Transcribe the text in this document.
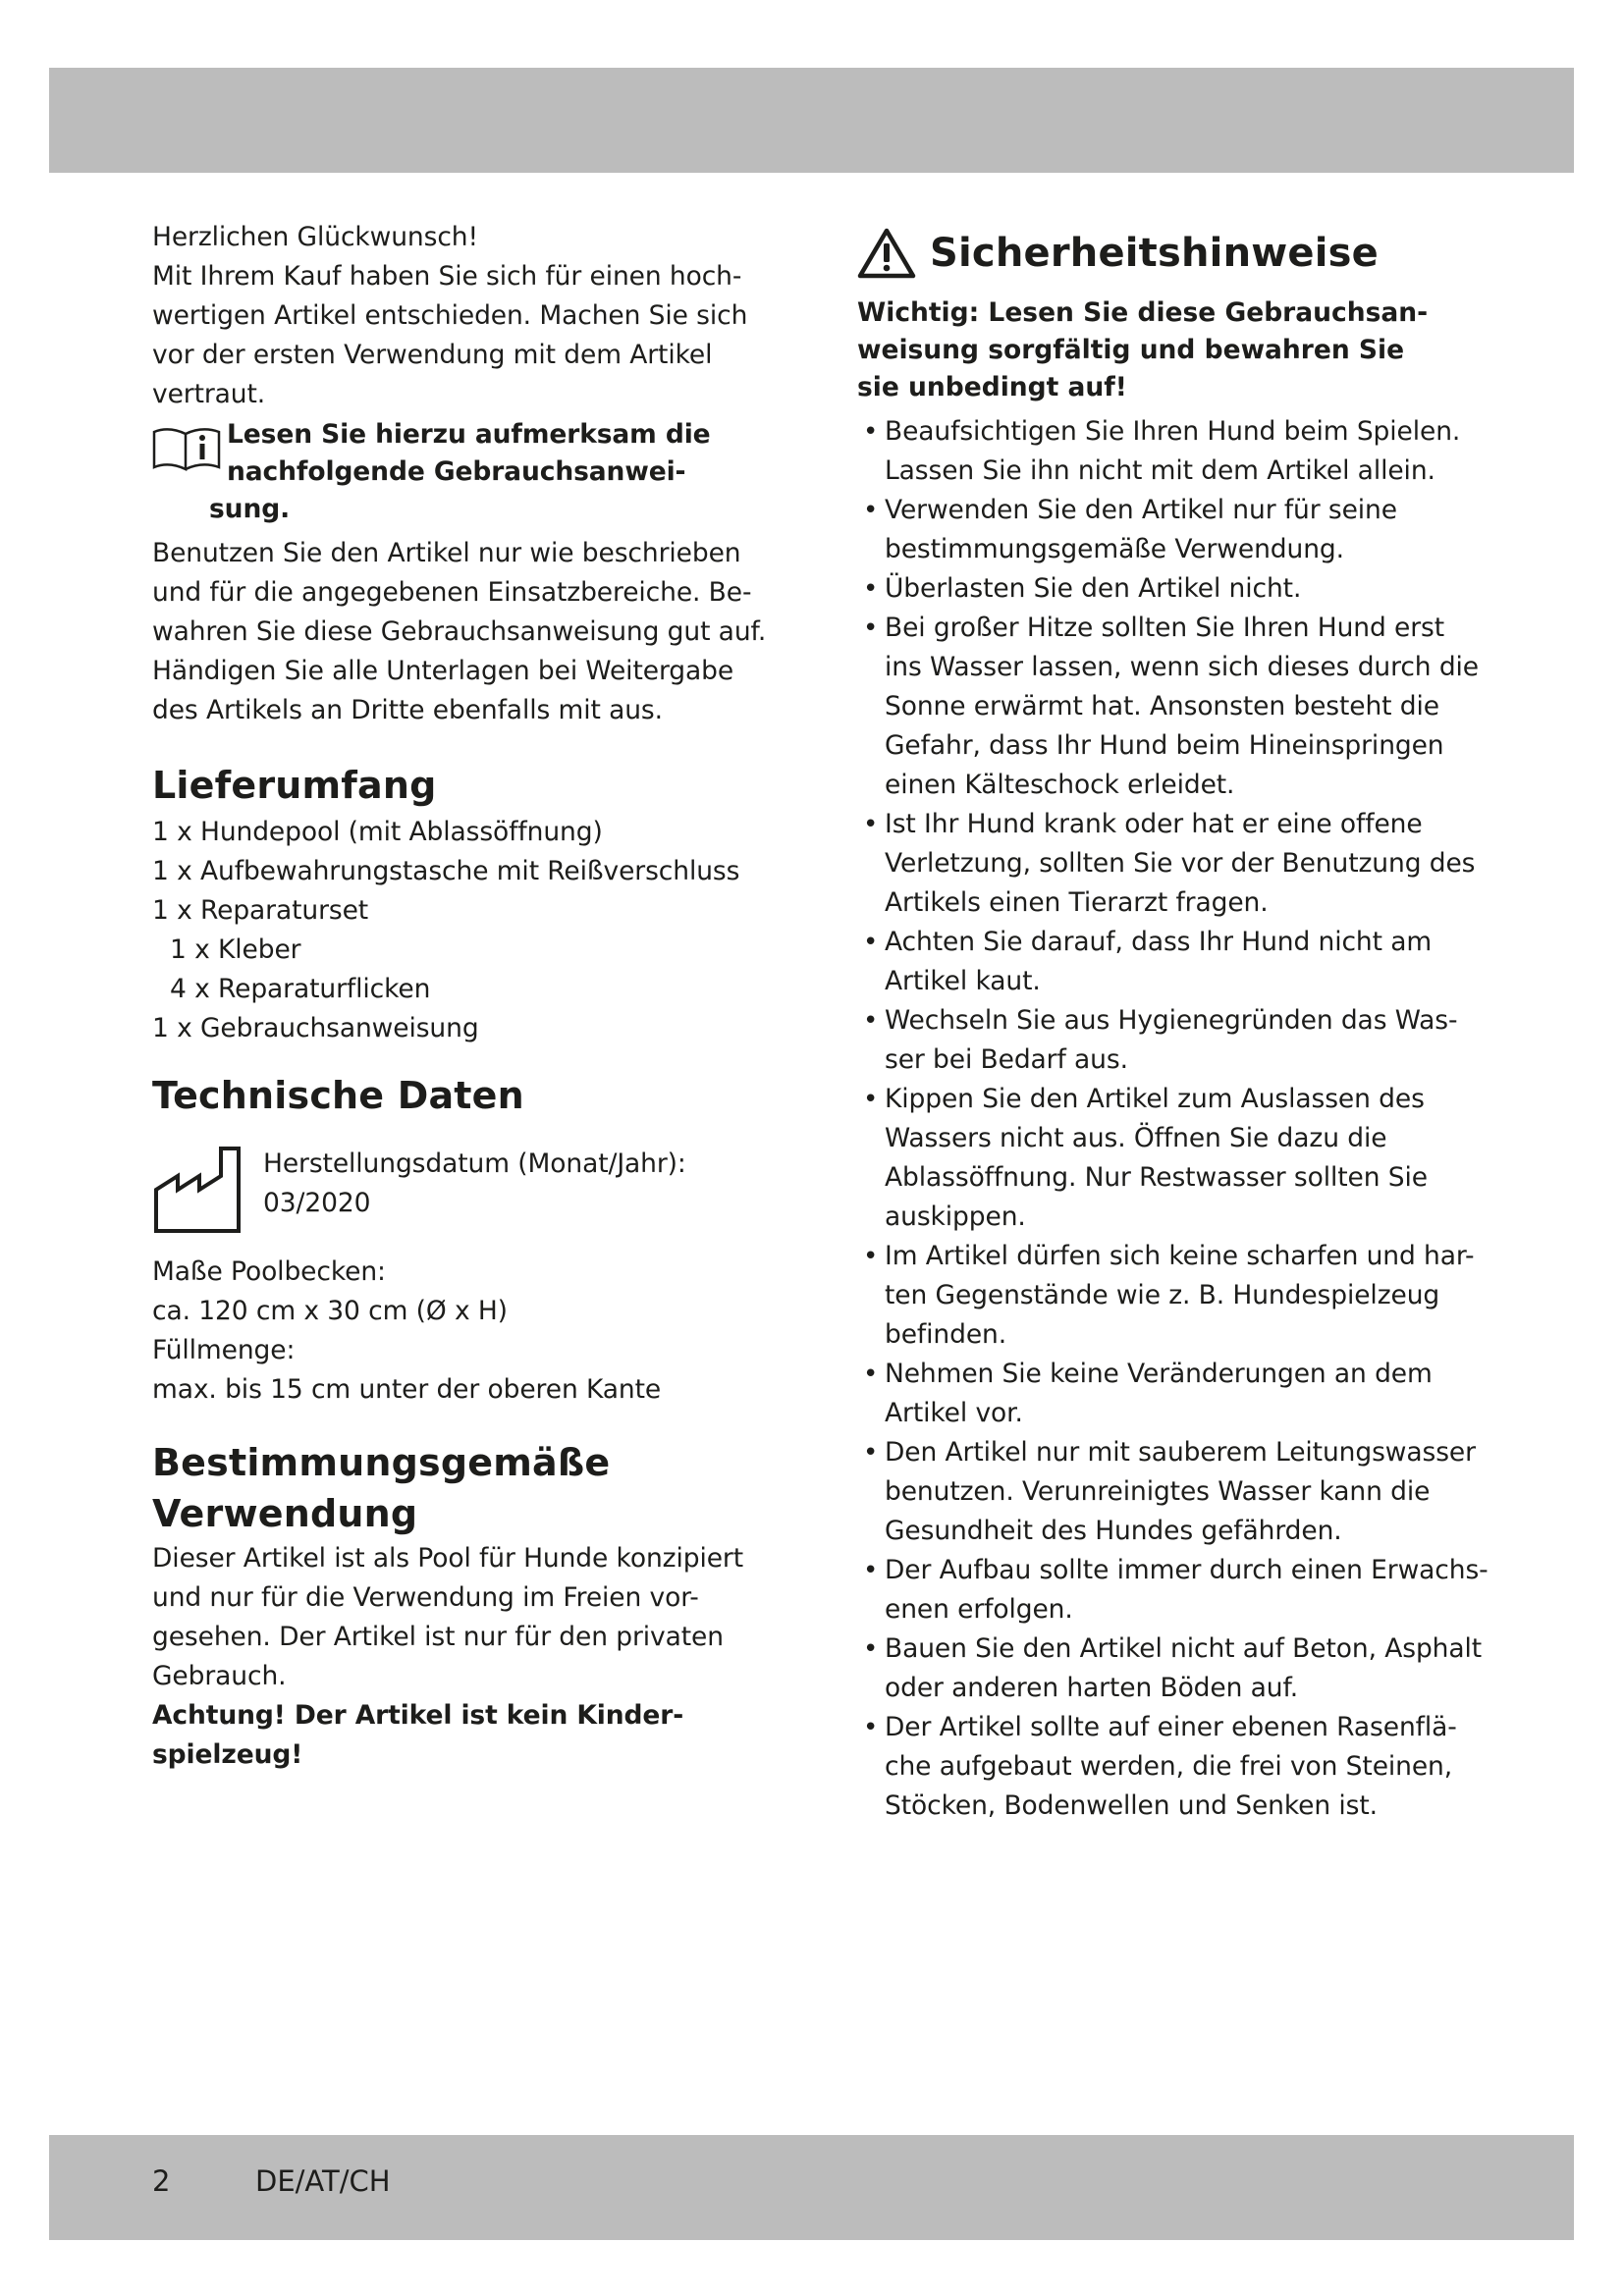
Herzlichen Glückwunsch!
Mit Ihrem Kauf haben Sie sich für einen hoch-
wertigen Artikel entschieden. Machen Sie sich
vor der ersten Verwendung mit dem Artikel
vertraut.

Lesen Sie hierzu aufmerksam die
nachfolgende Gebrauchsanwei-
sung.

Benutzen Sie den Artikel nur wie beschrieben
und für die angegebenen Einsatzbereiche. Be-
wahren Sie diese Gebrauchsanweisung gut auf.
Händigen Sie alle Unterlagen bei Weitergabe
des Artikels an Dritte ebenfalls mit aus.

Lieferumfang
1 x Hundepool (mit Ablassöffnung)
1 x Aufbewahrungstasche mit Reißverschluss
1 x Reparaturset
1 x Kleber
4 x Reparaturflicken
1 x Gebrauchsanweisung
Technische Daten
Herstellungsdatum (Monat/Jahr):
03/2020

Maße Poolbecken:
ca. 120 cm x 30 cm (Ø x H)
Füllmenge:
max. bis 15 cm unter der oberen Kante

Bestimmungsgemäße
Verwendung

Dieser Artikel ist als Pool für Hunde konzipiert
und nur für die Verwendung im Freien vor-
gesehen. Der Artikel ist nur für den privaten
Gebrauch.

Achtung! Der Artikel ist kein Kinder-
spielzeug!

Sicherheitshinweise
Wichtig: Lesen Sie diese Gebrauchsan-
weisung sorgfältig und bewahren Sie
sie unbedingt auf!
• Beaufsichtigen Sie Ihren Hund beim Spielen.
Lassen Sie ihn nicht mit dem Artikel allein.
• Verwenden Sie den Artikel nur für seine
bestimmungsgemäße Verwendung.
• Überlasten Sie den Artikel nicht.
• Bei großer Hitze sollten Sie Ihren Hund erst
ins Wasser lassen, wenn sich dieses durch die
Sonne erwärmt hat. Ansonsten besteht die
Gefahr, dass Ihr Hund beim Hineinspringen
einen Kälteschock erleidet.
• Ist Ihr Hund krank oder hat er eine offene
Verletzung, sollten Sie vor der Benutzung des
Artikels einen Tierarzt fragen.
• Achten Sie darauf, dass Ihr Hund nicht am
Artikel kaut.
• Wechseln Sie aus Hygienegründen das Was-
ser bei Bedarf aus.
• Kippen Sie den Artikel zum Auslassen des
Wassers nicht aus. Öffnen Sie dazu die
Ablassöffnung. Nur Restwasser sollten Sie
auskippen.
• Im Artikel dürfen sich keine scharfen und har-
ten Gegenstände wie z. B. Hundespielzeug
befinden.
• Nehmen Sie keine Veränderungen an dem
Artikel vor.
• Den Artikel nur mit sauberem Leitungswasser
benutzen. Verunreinigtes Wasser kann die
Gesundheit des Hundes gefährden.
• Der Aufbau sollte immer durch einen Erwachs-
enen erfolgen.
• Bauen Sie den Artikel nicht auf Beton, Asphalt
oder anderen harten Böden auf.
• Der Artikel sollte auf einer ebenen Rasenflä-
che aufgebaut werden, die frei von Steinen,
Stöcken, Bodenwellen und Senken ist.
2	DE/AT/CH
